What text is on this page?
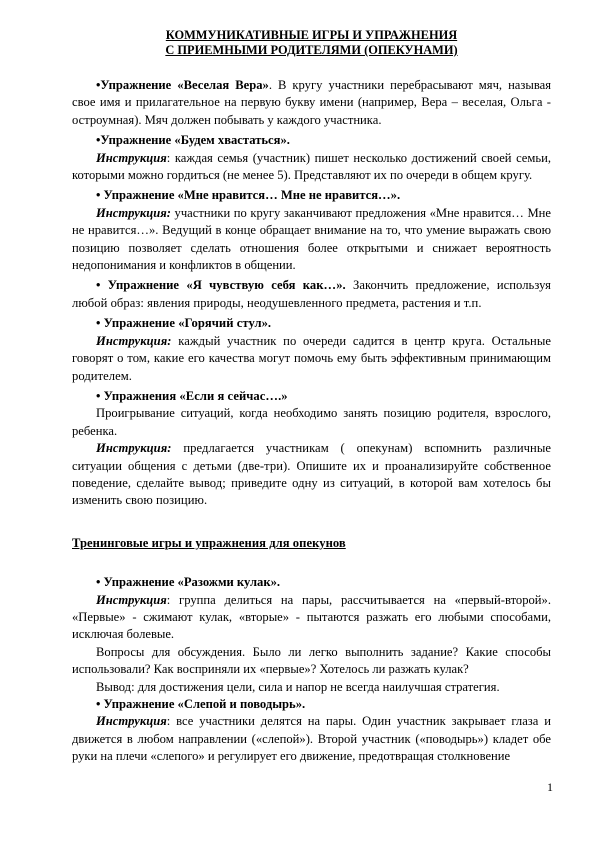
КОММУНИКАТИВНЫЕ ИГРЫ И УПРАЖНЕНИЯ
С ПРИЕМНЫМИ РОДИТЕЛЯМИ (ОПЕКУНАМИ)

•Упражнение «Веселая Вера». В кругу участники перебрасывают мяч, называя свое имя и прилагательное на первую букву имени (например, Вера – веселая, Ольга - остроумная). Мяч должен побывать у каждого участника.

•Упражнение «Будем хвастаться».

Инструкция: каждая семья (участник) пишет несколько достижений своей семьи, которыми можно гордиться (не менее 5). Представляют их по очереди в общем кругу.

• Упражнение «Мне нравится… Мне не нравится…».

Инструкция: участники по кругу заканчивают предложения «Мне нравится… Мне не нравится…». Ведущий в конце обращает внимание на то, что умение выражать свою позицию позволяет сделать отношения более открытыми и снижает вероятность недопонимания и конфликтов в общении.

• Упражнение «Я чувствую себя как…». Закончить предложение, используя любой образ: явления природы, неодушевленного предмета, растения и т.п.

• Упражнение «Горячий стул».

Инструкция: каждый участник по очереди садится в центр круга. Остальные говорят о том, какие его качества могут помочь ему быть эффективным принимающим родителем.

• Упражнения «Если я сейчас….»

Проигрывание ситуаций, когда необходимо занять позицию родителя, взрослого, ребенка.

Инструкция: предлагается участникам ( опекунам) вспомнить различные ситуации общения с детьми (две-три). Опишите их и проанализируйте собственное поведение, сделайте вывод; приведите одну из ситуаций, в которой вам хотелось бы изменить свою позицию.

Тренинговые игры и упражнения для опекунов

• Упражнение «Разожми кулак».

Инструкция: группа делиться на пары, рассчитывается на «первый-второй». «Первые» - сжимают кулак, «вторые» - пытаются разжать его любыми способами, исключая болевые.

Вопросы для обсуждения. Было ли легко выполнить задание? Какие способы использовали? Как восприняли их «первые»? Хотелось ли разжать кулак?

Вывод: для достижения цели, сила и напор не всегда наилучшая стратегия.

• Упражнение «Слепой и поводырь».

Инструкция: все участники делятся на пары. Один участник закрывает глаза и движется в любом направлении («слепой»). Второй участник («поводырь») кладет обе руки на плечи «слепого» и регулирует его движение, предотвращая столкновение

1
